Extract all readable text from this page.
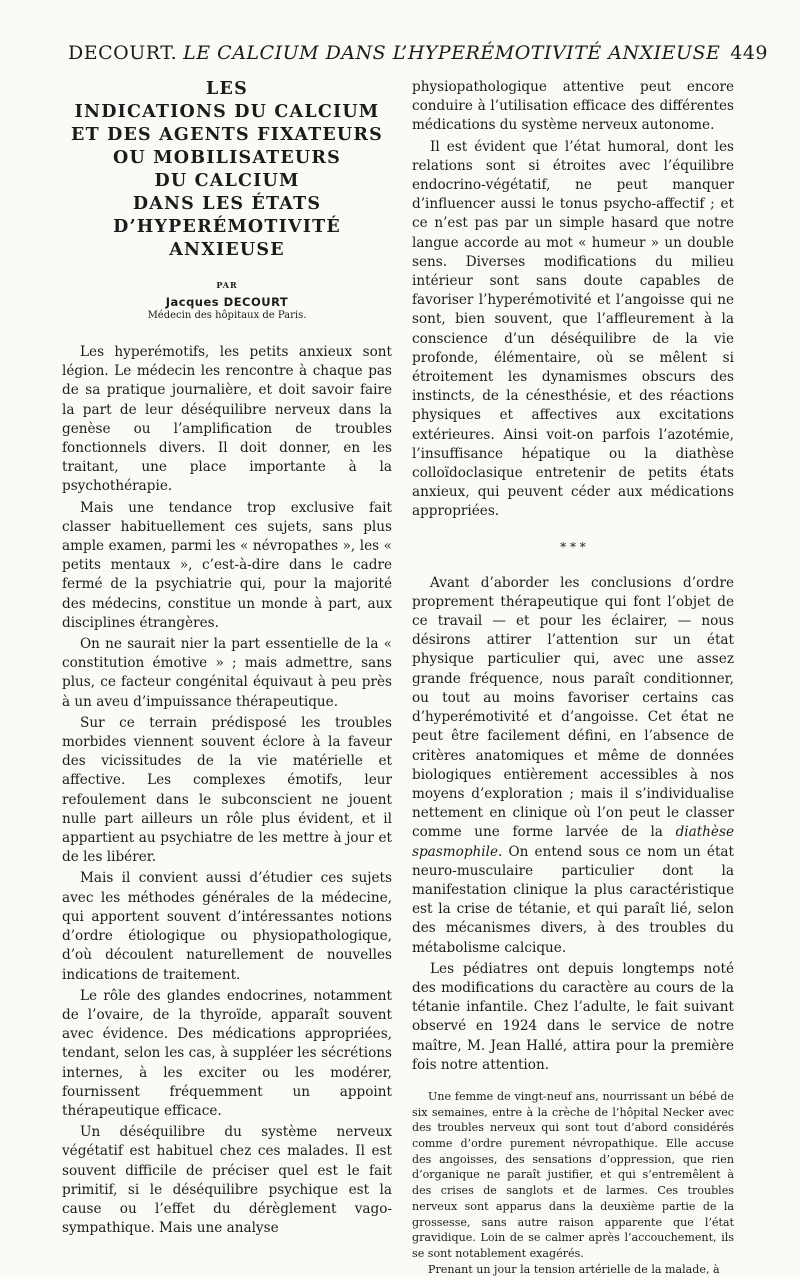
DECOURT. LE CALCIUM DANS L’HYPERÉMOTIVITÉ ANXIEUSE 449
LES
INDICATIONS DU CALCIUM
ET DES AGENTS FIXATEURS
OU MOBILISATEURS
DU CALCIUM
DANS LES ÉTATS
D’HYPERÉMOTIVITÉ
ANXIEUSE
PAR
Jacques DECOURT
Médecin des hôpitaux de Paris.

Les hyperémotifs, les petits anxieux sont légion. Le médecin les rencontre à chaque pas de sa pratique journalière, et doit savoir faire la part de leur déséquilibre nerveux dans la genèse ou l’amplification de troubles fonctionnels divers. Il doit donner, en les traitant, une place importante à la psychothérapie.

Mais une tendance trop exclusive fait classer habituellement ces sujets, sans plus ample examen, parmi les « névropathes », les « petits mentaux », c’est-à-dire dans le cadre fermé de la psychiatrie qui, pour la majorité des médecins, constitue un monde à part, aux disciplines étrangères.

On ne saurait nier la part essentielle de la « constitution émotive » ; mais admettre, sans plus, ce facteur congénital équivaut à peu près à un aveu d’impuissance thérapeutique.

Sur ce terrain prédisposé les troubles morbides viennent souvent éclore à la faveur des vicissitudes de la vie matérielle et affective. Les complexes émotifs, leur refoulement dans le subconscient ne jouent nulle part ailleurs un rôle plus évident, et il appartient au psychiatre de les mettre à jour et de les libérer.

Mais il convient aussi d’étudier ces sujets avec les méthodes générales de la médecine, qui apportent souvent d’intéressantes notions d’ordre étiologique ou physiopathologique, d’où découlent naturellement de nouvelles indications de traitement.

Le rôle des glandes endocrines, notamment de l’ovaire, de la thyroïde, apparaît souvent avec évidence. Des médications appropriées, tendant, selon les cas, à suppléer les sécrétions internes, à les exciter ou les modérer, fournissent fréquemment un appoint thérapeutique efficace.

Un déséquilibre du système nerveux végétatif est habituel chez ces malades. Il est souvent difficile de préciser quel est le fait primitif, si le déséquilibre psychique est la cause ou l’effet du dérèglement vago-sympathique. Mais une analyse

physiopathologique attentive peut encore conduire à l’utilisation efficace des différentes médications du système nerveux autonome.

Il est évident que l’état humoral, dont les relations sont si étroites avec l’équilibre endocrino-végétatif, ne peut manquer d’influencer aussi le tonus psycho-affectif ; et ce n’est pas par un simple hasard que notre langue accorde au mot « humeur » un double sens. Diverses modifications du milieu intérieur sont sans doute capables de favoriser l’hyperémotivité et l’angoisse qui ne sont, bien souvent, que l’affleurement à la conscience d’un déséquilibre de la vie profonde, élémentaire, où se mêlent si étroitement les dynamismes obscurs des instincts, de la cénesthésie, et des réactions physiques et affectives aux excitations extérieures. Ainsi voit-on parfois l’azotémie, l’insuffisance hépatique ou la diathèse colloïdoclasique entretenir de petits états anxieux, qui peuvent céder aux médications appropriées.

* * *

Avant d’aborder les conclusions d’ordre proprement thérapeutique qui font l’objet de ce travail — et pour les éclairer, — nous désirons attirer l’attention sur un état physique particulier qui, avec une assez grande fréquence, nous paraît conditionner, ou tout au moins favoriser certains cas d’hyperémotivité et d’angoisse. Cet état ne peut être facilement défini, en l’absence de critères anatomiques et même de données biologiques entièrement accessibles à nos moyens d’exploration ; mais il s’individualise nettement en clinique où l’on peut le classer comme une forme larvée de la diathèse spasmophile. On entend sous ce nom un état neuro-musculaire particulier dont la manifestation clinique la plus caractéristique est la crise de tétanie, et qui paraît lié, selon des mécanismes divers, à des troubles du métabolisme calcique.

Les pédiatres ont depuis longtemps noté des modifications du caractère au cours de la tétanie infantile. Chez l’adulte, le fait suivant observé en 1924 dans le service de notre maître, M. Jean Hallé, attira pour la première fois notre attention.

Une femme de vingt-neuf ans, nourrissant un bébé de six semaines, entre à la crèche de l’hôpital Necker avec des troubles nerveux qui sont tout d’abord considérés comme d’ordre purement névropathique. Elle accuse des angoisses, des sensations d’oppression, que rien d’organique ne paraît justifier, et qui s’entremêlent à des crises de sanglots et de larmes. Ces troubles nerveux sont apparus dans la deuxième partie de la grossesse, sans autre raison apparente que l’état gravidique. Loin de se calmer après l’accouchement, ils se sont notablement exagérés.

Prenant un jour la tension artérielle de la malade, à
